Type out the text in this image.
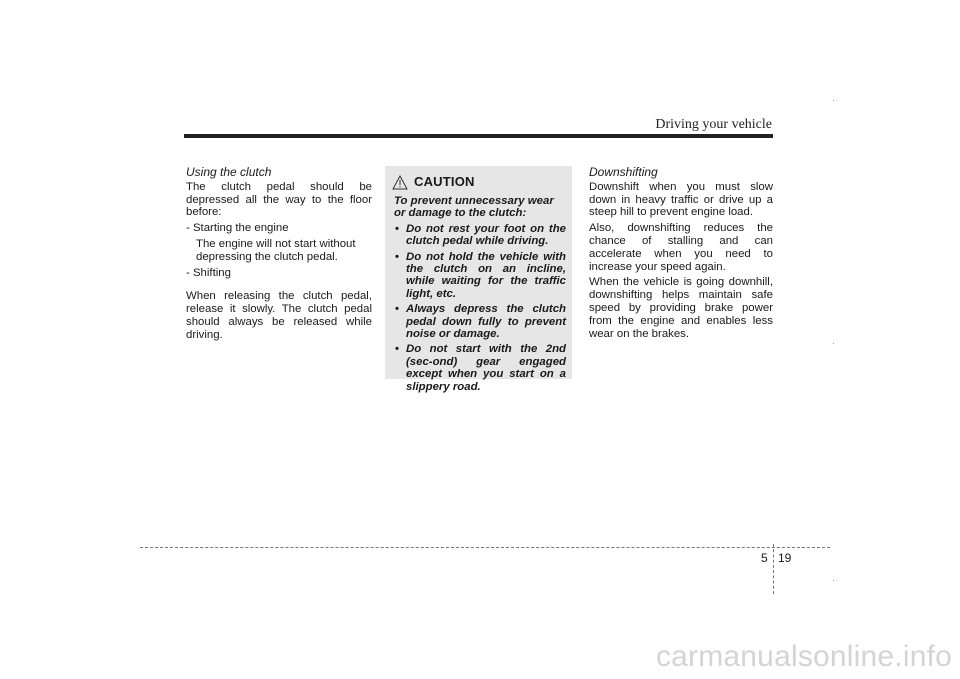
Driving your vehicle
Using the clutch

The clutch pedal should be depressed all the way to the floor before:

- Starting the engine
The engine will not start without depressing the clutch pedal.
- Shifting

When releasing the clutch pedal, release it slowly. The clutch pedal should always be released while driving.

CAUTION
To prevent unnecessary wear or damage to the clutch:
• Do not rest your foot on the clutch pedal while driving.
• Do not hold the vehicle with the clutch on an incline, while waiting for the traffic light, etc.
• Always depress the clutch pedal down fully to prevent noise or damage.
• Do not start with the 2nd (sec-ond) gear engaged except when you start on a slippery road.
Downshifting

Downshift when you must slow down in heavy traffic or drive up a steep hill to prevent engine load.

Also, downshifting reduces the chance of stalling and can accelerate when you need to increase your speed again.

When the vehicle is going downhill, downshifting helps maintain safe speed by providing brake power from the engine and enables less wear on the brakes.

5 19
carmanualsonline.info
